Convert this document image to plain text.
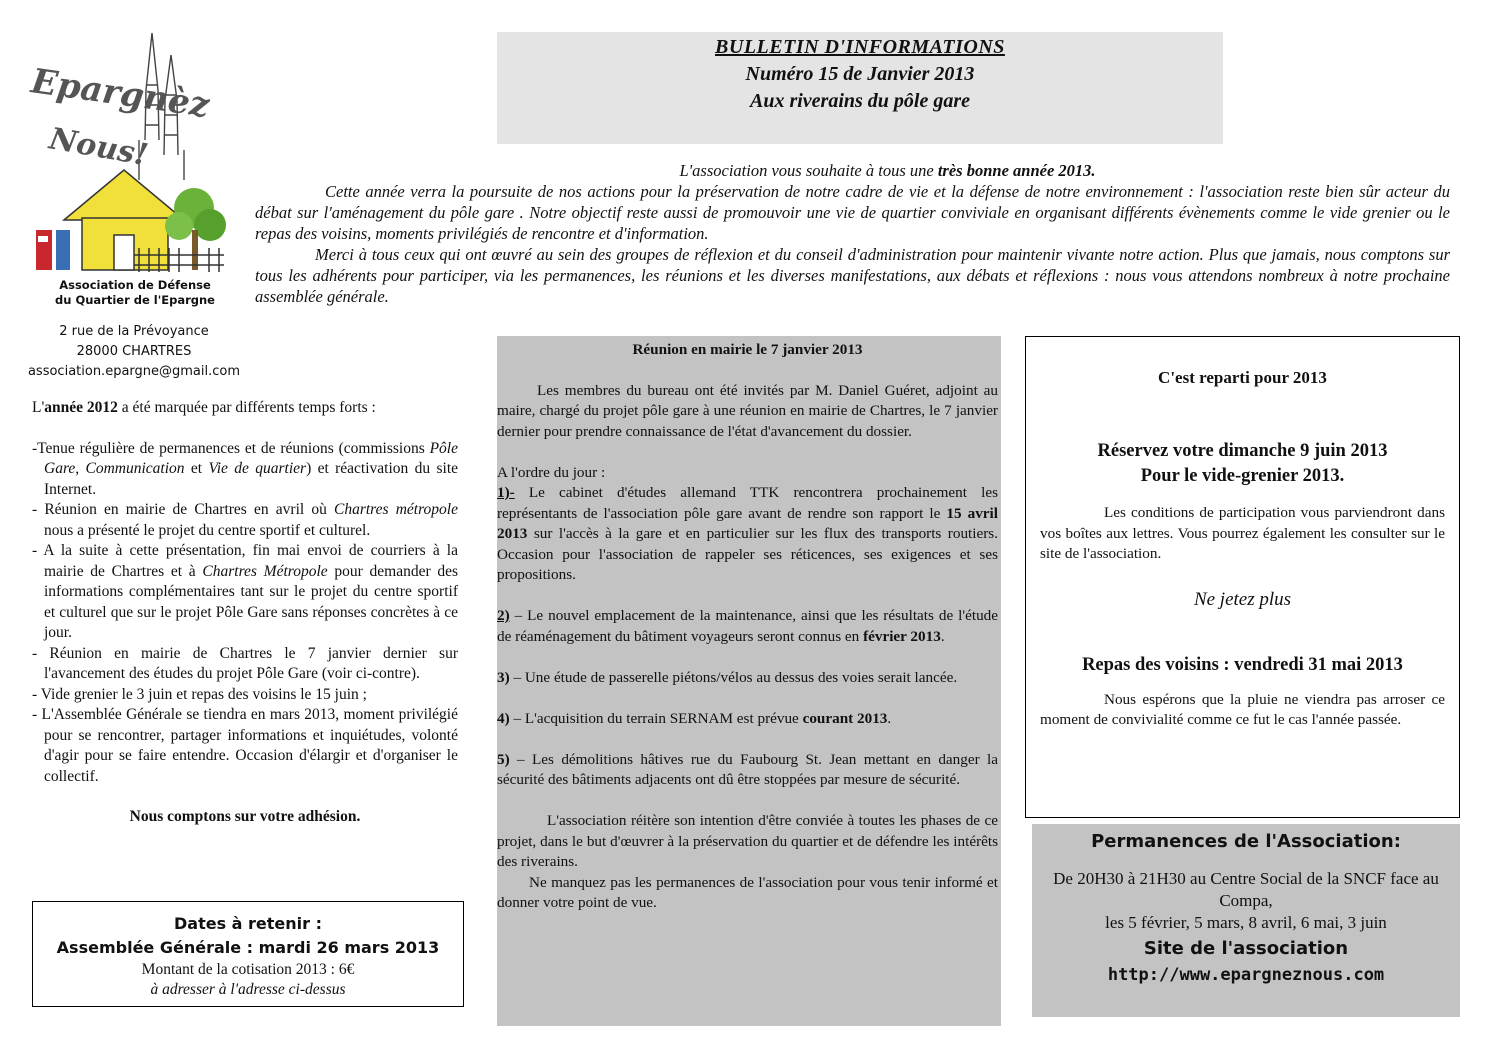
Epargnèz
Nous!
Association de Défense
du Quartier de l'Epargne
2 rue de la Prévoyance
28000 CHARTRES
association.epargne@gmail.com
BULLETIN D'INFORMATIONS
Numéro 15 de Janvier 2013
Aux riverains du pôle gare

L'association vous souhaite à tous une très bonne année 2013.

Cette année verra la poursuite de nos actions pour la préservation de notre cadre de vie et la défense de notre environnement : l'association reste bien sûr acteur du débat sur l'aménagement du pôle gare . Notre objectif reste aussi de promouvoir une vie de quartier conviviale en organisant différents évènements comme le vide grenier ou le repas des voisins, moments privilégiés de rencontre et d'information.

Merci à tous ceux qui ont œuvré au sein des groupes de réflexion et du conseil d'administration pour maintenir vivante notre action. Plus que jamais, nous comptons sur tous les adhérents pour participer, via les permanences, les réunions et les diverses manifestations, aux débats et réflexions : nous vous attendons nombreux à notre prochaine assemblée générale.

L'année 2012 a été marquée par différents temps forts :

-Tenue régulière de permanences et de réunions (commissions Pôle Gare, Communication et Vie de quartier) et réactivation du site Internet.
- Réunion en mairie de Chartres en avril où Chartres métropole nous a présenté le projet du centre sportif et culturel.
- A la suite à cette présentation, fin mai envoi de courriers à la mairie de Chartres et à Chartres Métropole pour demander des informations complémentaires tant sur le projet du centre sportif et culturel que sur le projet Pôle Gare sans réponses concrètes à ce jour.
- Réunion en mairie de Chartres le 7 janvier dernier sur l'avancement des études du projet Pôle Gare (voir ci-contre).
- Vide grenier le 3 juin et repas des voisins le 15 juin ;
- L'Assemblée Générale se tiendra en mars 2013, moment privilégié pour se rencontrer, partager informations et inquiétudes, volonté d'agir pour se faire entendre. Occasion d'élargir et d'organiser le collectif.

Nous comptons sur votre adhésion.

Dates à retenir :
Assemblée Générale : mardi 26 mars 2013
Montant de la cotisation 2013 : 6€
à adresser à l'adresse ci-dessus

Réunion en mairie le 7 janvier 2013

Les membres du bureau ont été invités par M. Daniel Guéret, adjoint au maire, chargé du projet pôle gare à une réunion en mairie de Chartres, le 7 janvier dernier pour prendre connaissance de l'état d'avancement du dossier.

A l'ordre du jour :

1)- Le cabinet d'études allemand TTK rencontrera prochainement les représentants de l'association pôle gare avant de rendre son rapport le 15 avril 2013 sur l'accès à la gare et en particulier sur les flux des transports routiers. Occasion pour l'association de rappeler ses réticences, ses exigences et ses propositions.

2) – Le nouvel emplacement de la maintenance, ainsi que les résultats de l'étude de réaménagement du bâtiment voyageurs seront connus en février 2013.

3) – Une étude de passerelle piétons/vélos au dessus des voies serait lancée.

4) – L'acquisition du terrain SERNAM est prévue courant 2013.

5) – Les démolitions hâtives rue du Faubourg St. Jean mettant en danger la sécurité des bâtiments adjacents ont dû être stoppées par mesure de sécurité.

L'association réitère son intention d'être conviée à toutes les phases de ce projet, dans le but d'œuvrer à la préservation du quartier et de défendre les intérêts des riverains.

Ne manquez pas les permanences de l'association pour vous tenir informé et donner votre point de vue.

C'est reparti pour 2013
Réservez votre dimanche 9 juin 2013
Pour le vide-grenier 2013.

Les conditions de participation vous parviendront dans vos boîtes aux lettres. Vous pourrez également les consulter sur le site de l'association.

Ne jetez plus
Repas des voisins : vendredi 31 mai 2013

Nous espérons que la pluie ne viendra pas arroser ce moment de convivialité comme ce fut le cas l'année passée.

Permanences de l'Association:
De 20H30 à 21H30 au Centre Social de la SNCF face au Compa,
les 5 février, 5 mars, 8 avril, 6 mai, 3 juin
Site de l'association
http://www.epargneznous.com
